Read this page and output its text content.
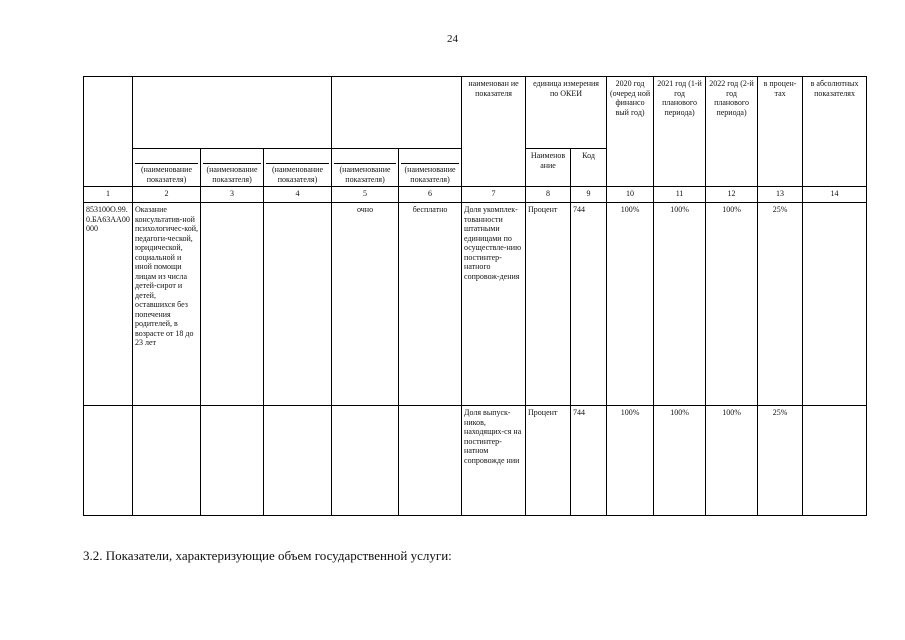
24
						наименован ие показателя	единица измерения по ОКЕИ		2020 год (очеред ной финансо вый год)	2021 год (1-й год планового периода)	2022 год (2-й год планового периода)	в процен-тах	в абсолютных показателях
	(наименование показателя)	(наименование показателя)	(наименование показателя)	(наименование показателя)	(наименование показателя)		Наименов ание	Код					
1	2	3	4	5	6	7	8	9	10	11	12	13	14
853100О.99.0.БА63АА00000	Оказание консультатив-ной психологичес-кой, педагоги-ческой, юридической, социальной и иной помощи лицам из числа детей-сирот и детей, оставшихся без попечения родителей, в возрасте от 18 до 23 лет			очно	бесплатно	Доля укомплек-тованности штатными единицами по осуществле-нию постинтер-натного сопровож-дения	Процент	744	100%	100%	100%	25%	
						Доля выпуск-ников, находящих-ся на постинтер-натном сопровожде нии	Процент	744	100%	100%	100%	25%	
3.2. Показатели, характеризующие объем государственной услуги:
